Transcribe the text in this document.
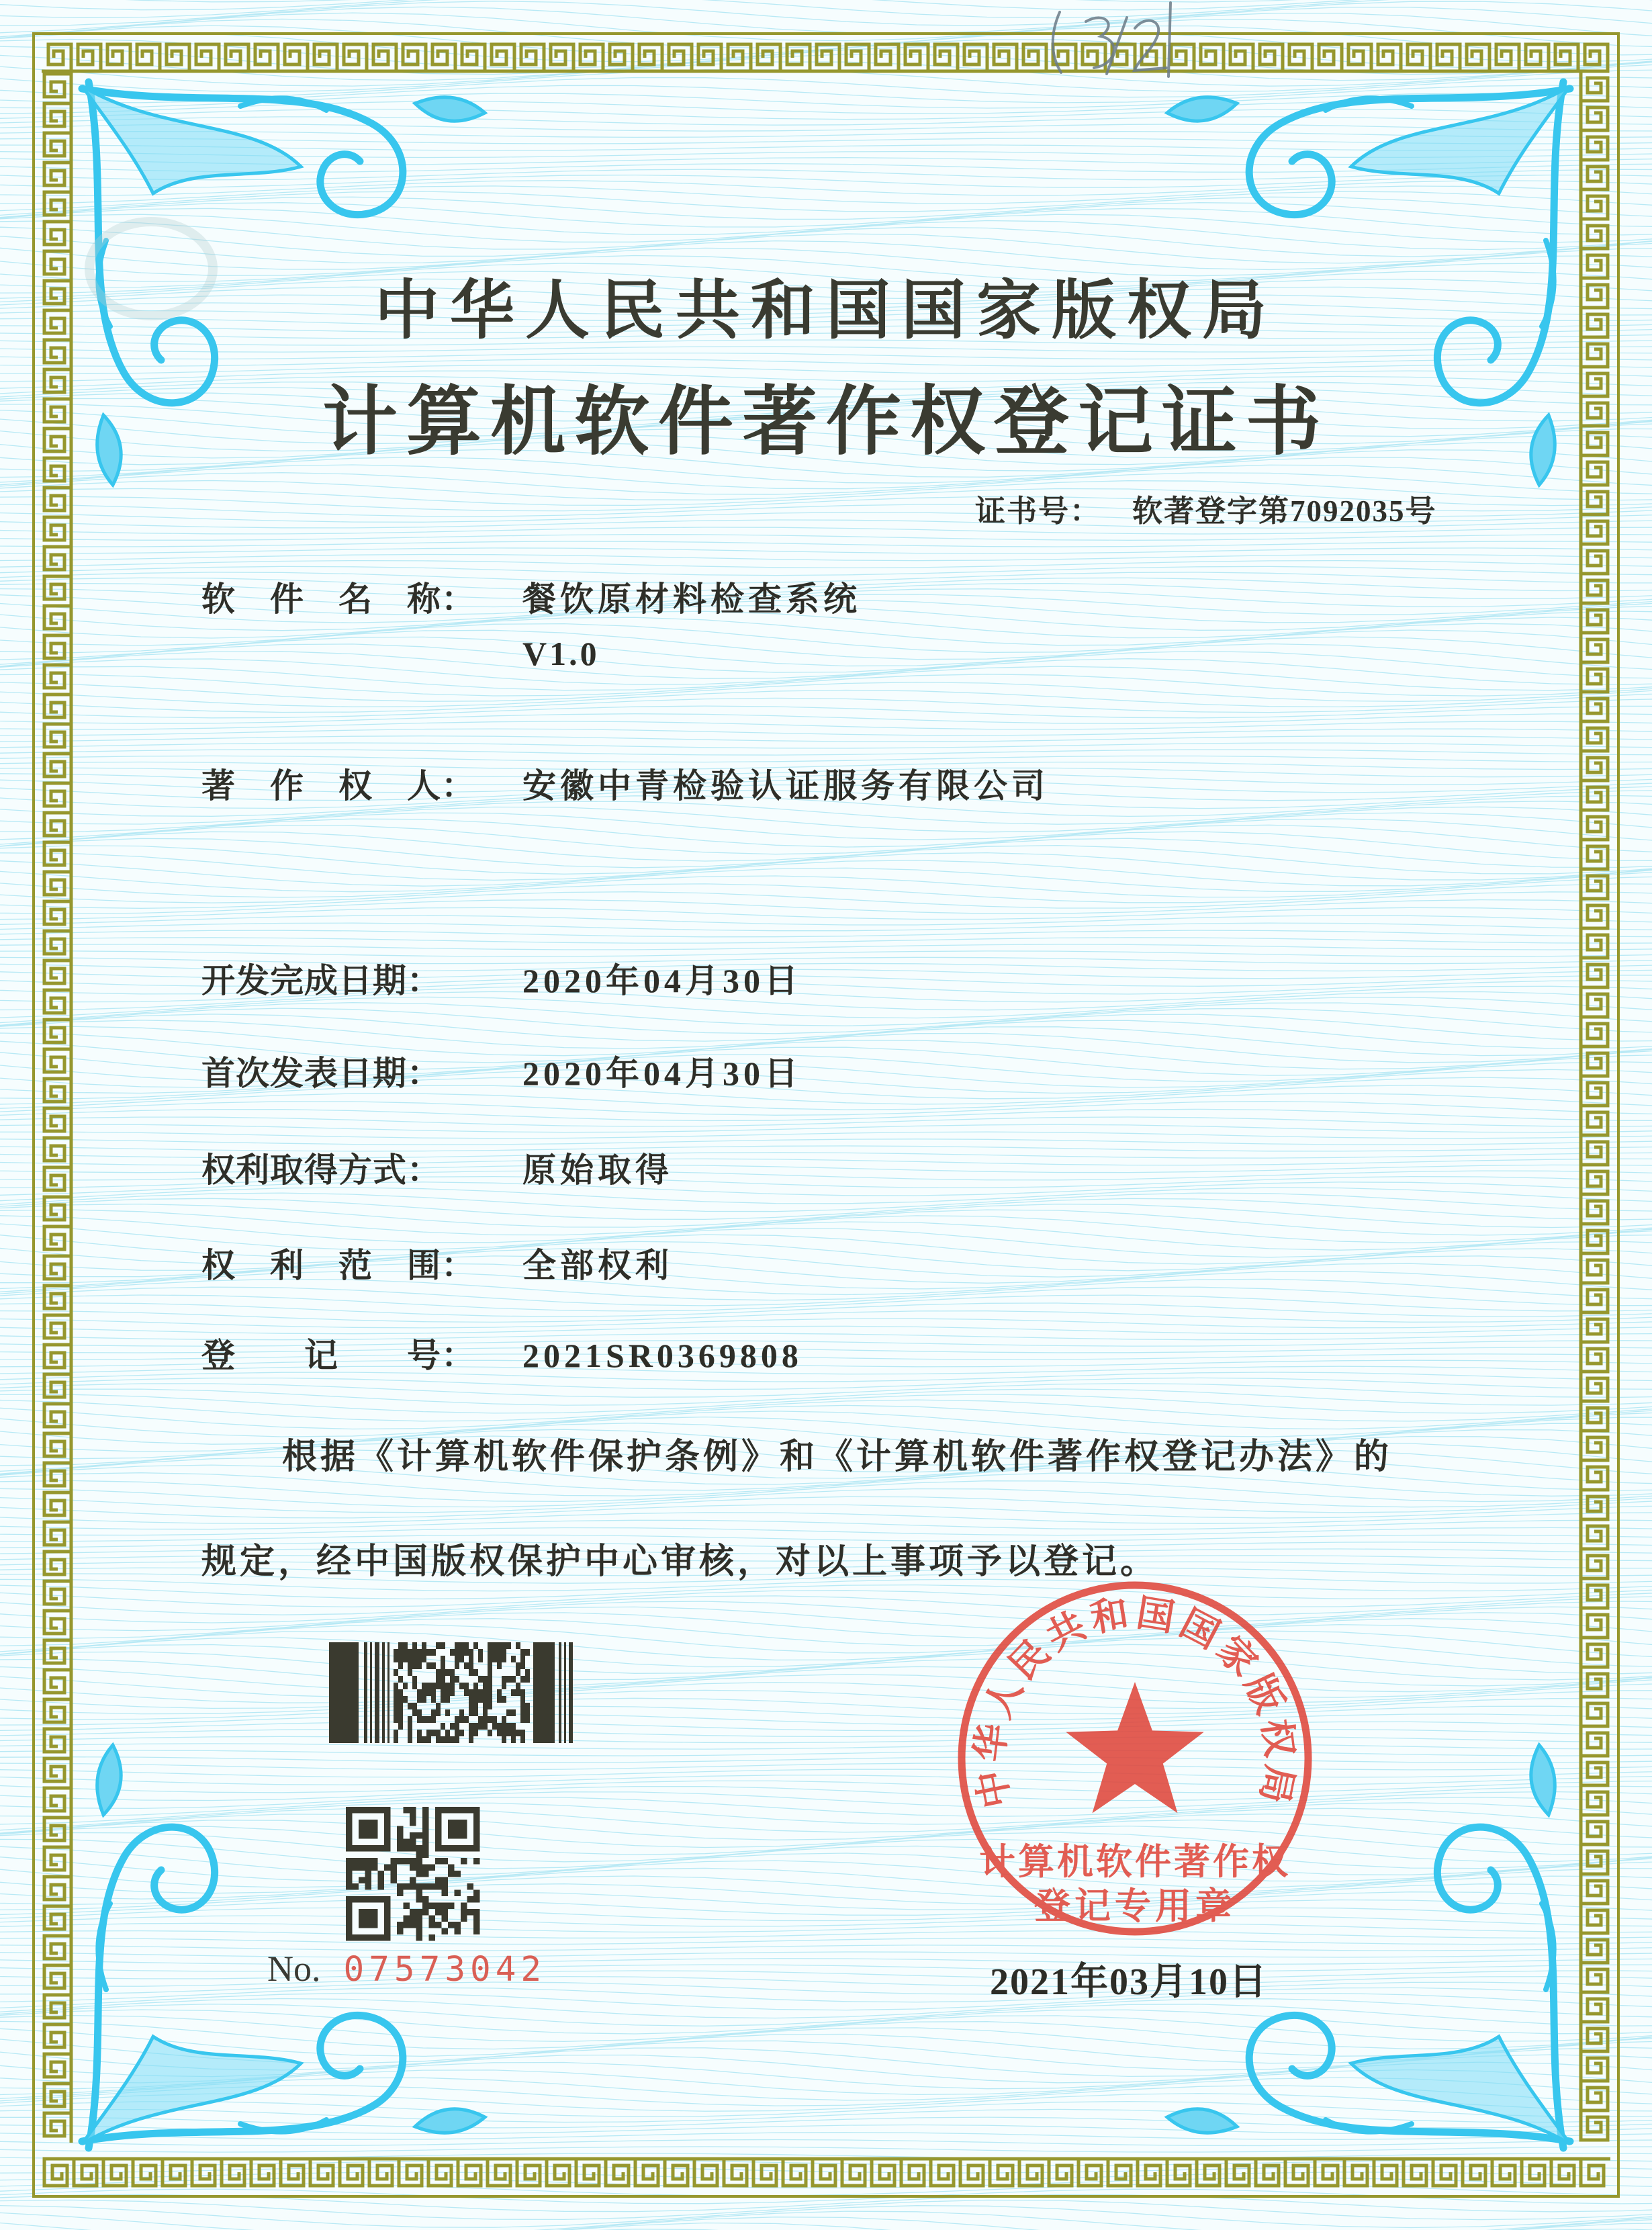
中华人民共和国国家版权局
计算机软件著作权
登记专用章
中华人民共和国国家版权局
计算机软件著作权登记证书
证书号： 软著登字第7092035号
软　件　名　称： 餐饮原材料检查系统
V1.0
著　作　权　人： 安徽中青检验认证服务有限公司
开发完成日期： 2020年04月30日
首次发表日期： 2020年04月30日
权利取得方式： 原始取得
权　利　范　围： 全部权利
登　　记　　号： 2021SR0369808
根据《计算机软件保护条例》和《计算机软件著作权登记办法》的
规定，经中国版权保护中心审核，对以上事项予以登记。
No. 07573042	2021年03月10日
